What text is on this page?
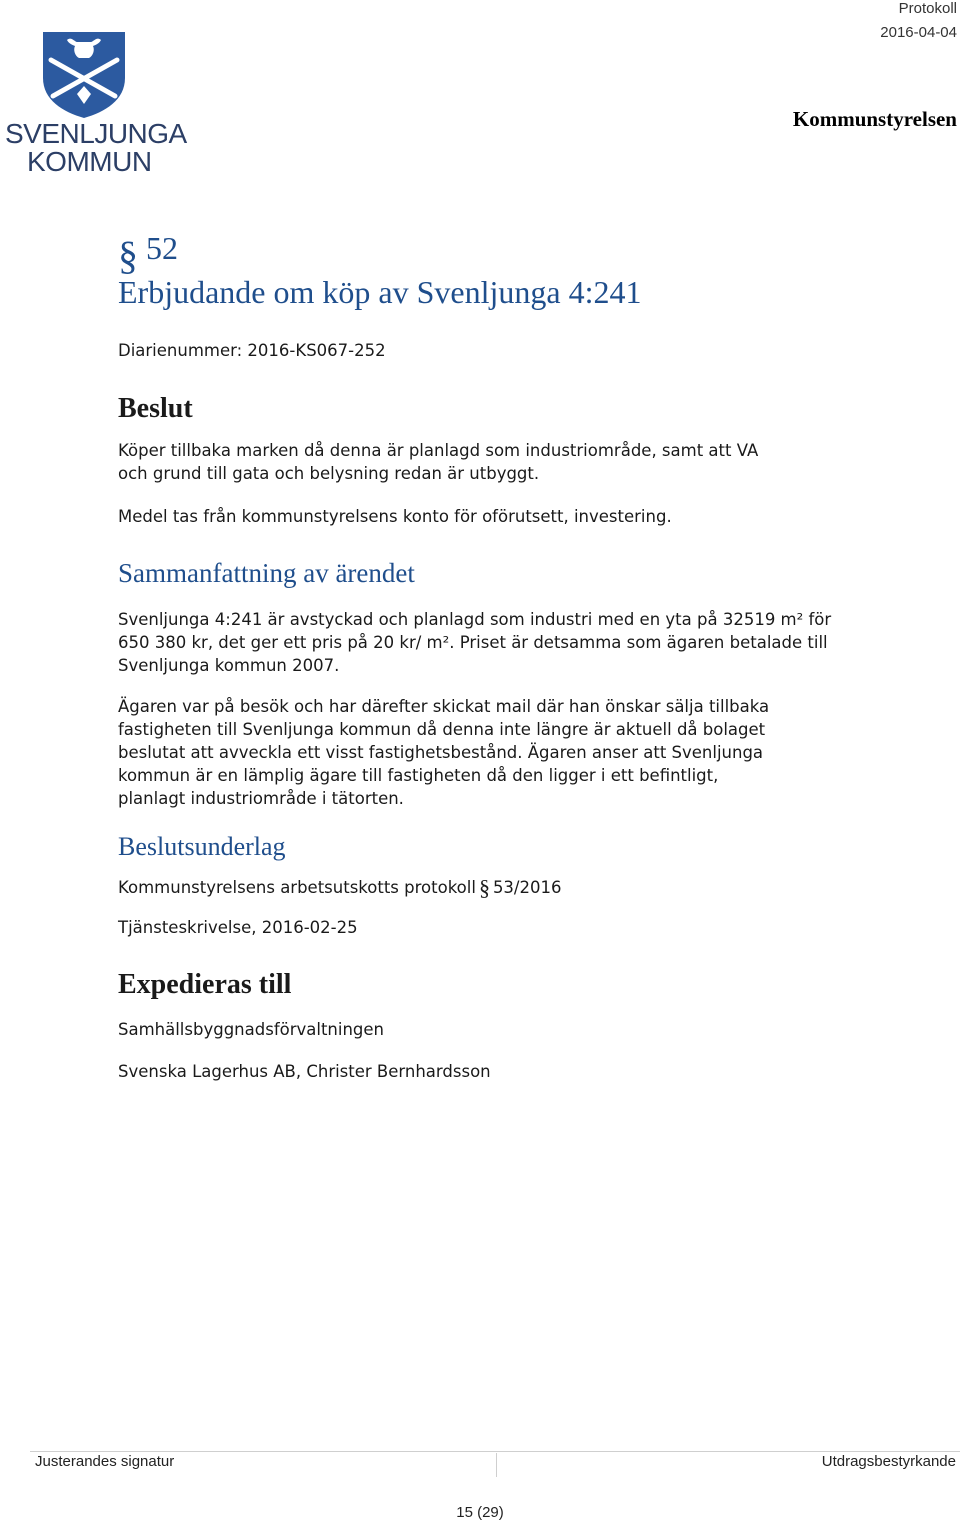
Protokoll
2016-04-04
Kommunstyrelsen
SVENLJUNGA
KOMMUN
§ 52
Erbjudande om köp av Svenljunga 4:241
Diarienummer: 2016-KS067-252
Beslut
Köper tillbaka marken då denna är planlagd som industriområde, samt att VA
och grund till gata och belysning redan är utbyggt.
Medel tas från kommunstyrelsens konto för oförutsett, investering.
Sammanfattning av ärendet
Svenljunga 4:241 är avstyckad och planlagd som industri med en yta på 32519 m² för
650 380 kr, det ger ett pris på 20 kr/ m². Priset är detsamma som ägaren betalade till
Svenljunga kommun 2007.
Ägaren var på besök och har därefter skickat mail där han önskar sälja tillbaka
fastigheten till Svenljunga kommun då denna inte längre är aktuell då bolaget
beslutat att avveckla ett visst fastighetsbestånd. Ägaren anser att Svenljunga
kommun är en lämplig ägare till fastigheten då den ligger i ett befintligt,
planlagt industriområde i tätorten.
Beslutsunderlag
Kommunstyrelsens arbetsutskotts protokoll § 53/2016
Tjänsteskrivelse, 2016-02-25
Expedieras till
Samhällsbyggnadsförvaltningen
Svenska Lagerhus AB, Christer Bernhardsson
Justerandes signatur	Utdragsbestyrkande
15 (29)
